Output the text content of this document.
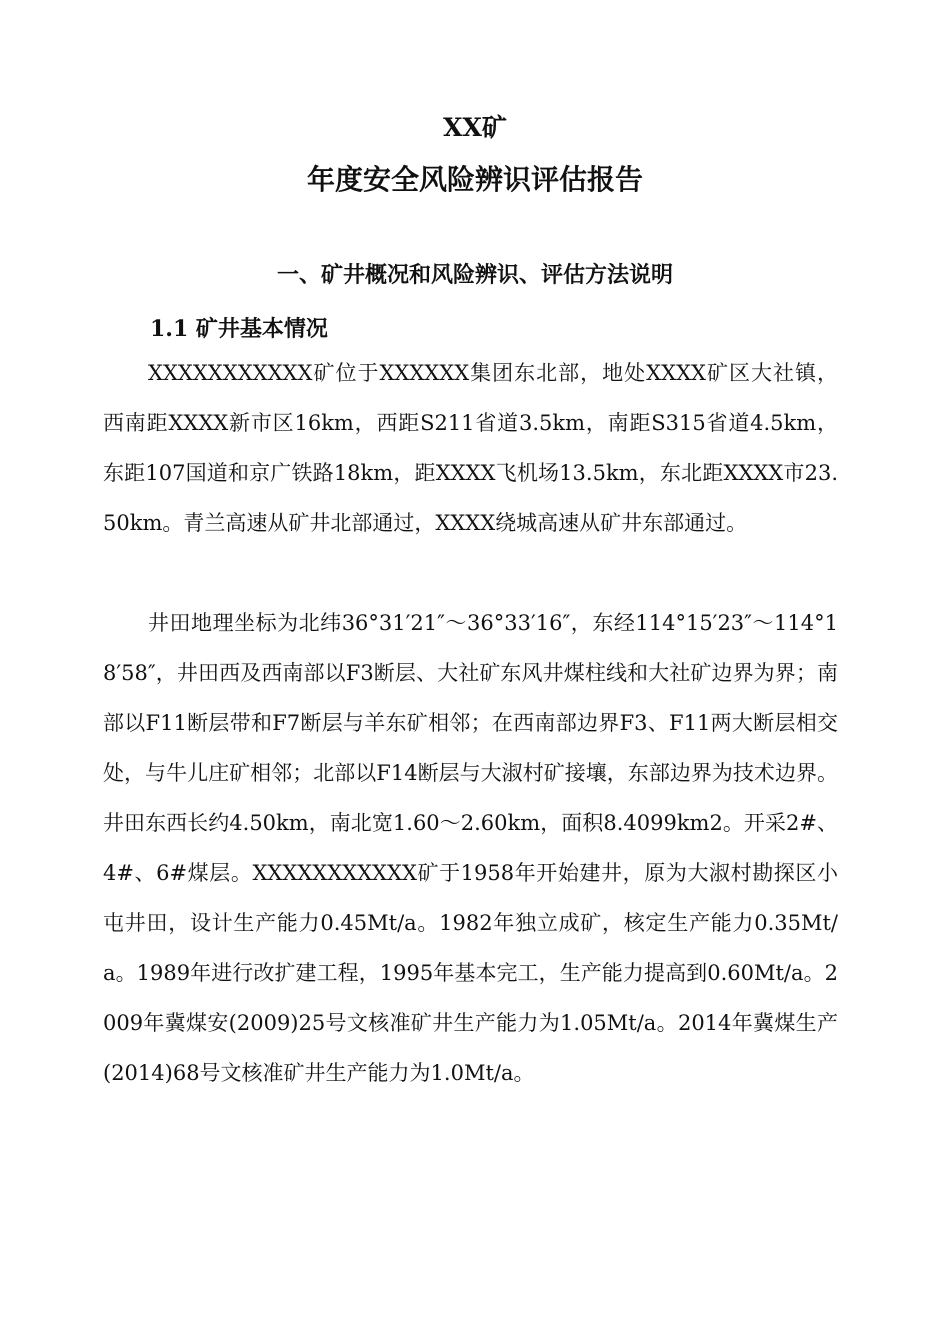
XX矿
年度安全风险辨识评估报告
一、矿井概况和风险辨识、评估方法说明
1.1 矿井基本情况

XXXXXXXXXXX矿位于XXXXXX集团东北部，地处XXXX矿区大社镇，西南距XXXX新市区16km，西距S211省道3.5km，南距S315省道4.5km，东距107国道和京广铁路18km，距XXXX飞机场13.5km，东北距XXXX市23.50km。青兰高速从矿井北部通过，XXXX绕城高速从矿井东部通过。

井田地理坐标为北纬36°31′21″～36°33′16″，东经114°15′23″～114°18′58″，井田西及西南部以F3断层、大社矿东风井煤柱线和大社矿边界为界；南部以F11断层带和F7断层与羊东矿相邻；在西南部边界F3、F11两大断层相交处，与牛儿庄矿相邻；北部以F14断层与大淑村矿接壤，东部边界为技术边界。井田东西长约4.50km，南北宽1.60～2.60km，面积8.4099km2。开采2#、4#、6#煤层。XXXXXXXXXXX矿于1958年开始建井，原为大淑村勘探区小屯井田，设计生产能力0.45Mt/a。1982年独立成矿，核定生产能力0.35Mt/a。1989年进行改扩建工程，1995年基本完工，生产能力提高到0.60Mt/a。2009年冀煤安(2009)25号文核准矿井生产能力为1.05Mt/a。2014年冀煤生产(2014)68号文核准矿井生产能力为1.0Mt/a。
